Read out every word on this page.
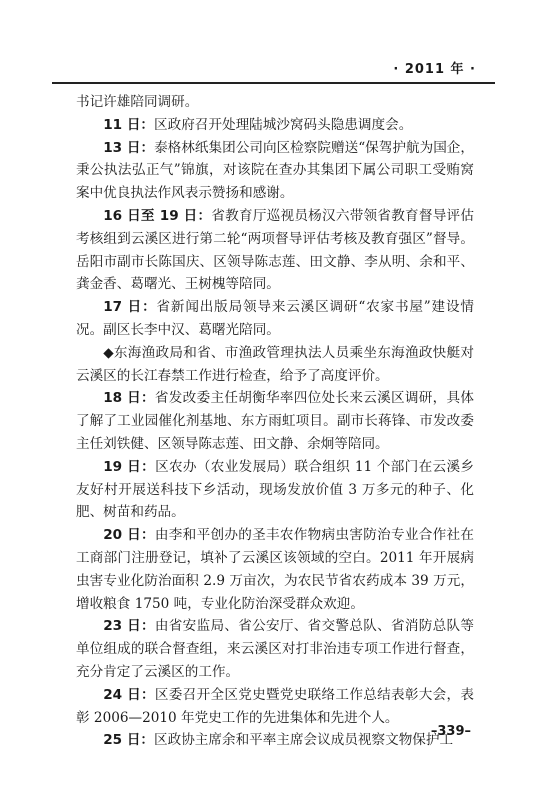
· 2011 年 ·

书记许雄陪同调研。

11 日：区政府召开处理陆城沙窝码头隐患调度会。

13 日：泰格林纸集团公司向区检察院赠送“保驾护航为国企，秉公执法弘正气”锦旗，对该院在查办其集团下属公司职工受贿窝案中优良执法作风表示赞扬和感谢。

16 日至 19 日：省教育厅巡视员杨汉六带领省教育督导评估考核组到云溪区进行第二轮“两项督导评估考核及教育强区”督导。岳阳市副市长陈国庆、区领导陈志莲、田文静、李从明、余和平、龚金香、葛曙光、王树槐等陪同。

17 日：省新闻出版局领导来云溪区调研“农家书屋”建设情况。副区长李中汉、葛曙光陪同。

◆东海渔政局和省、市渔政管理执法人员乘坐东海渔政快艇对云溪区的长江春禁工作进行检查，给予了高度评价。

18 日：省发改委主任胡衡华率四位处长来云溪区调研，具体了解了工业园催化剂基地、东方雨虹项目。副市长蒋锋、市发改委主任刘铁健、区领导陈志莲、田文静、余炯等陪同。

19 日：区农办（农业发展局）联合组织 11 个部门在云溪乡友好村开展送科技下乡活动，现场发放价值 3 万多元的种子、化肥、树苗和药品。

20 日：由李和平创办的圣丰农作物病虫害防治专业合作社在工商部门注册登记，填补了云溪区该领域的空白。2011 年开展病虫害专业化防治面积 2.9 万亩次，为农民节省农药成本 39 万元，增收粮食 1750 吨，专业化防治深受群众欢迎。

23 日：由省安监局、省公安厅、省交警总队、省消防总队等单位组成的联合督查组，来云溪区对打非治违专项工作进行督查，充分肯定了云溪区的工作。

24 日：区委召开全区党史暨党史联络工作总结表彰大会，表彰 2006—2010 年党史工作的先进集体和先进个人。

25 日：区政协主席余和平率主席会议成员视察文物保护工

–339–
